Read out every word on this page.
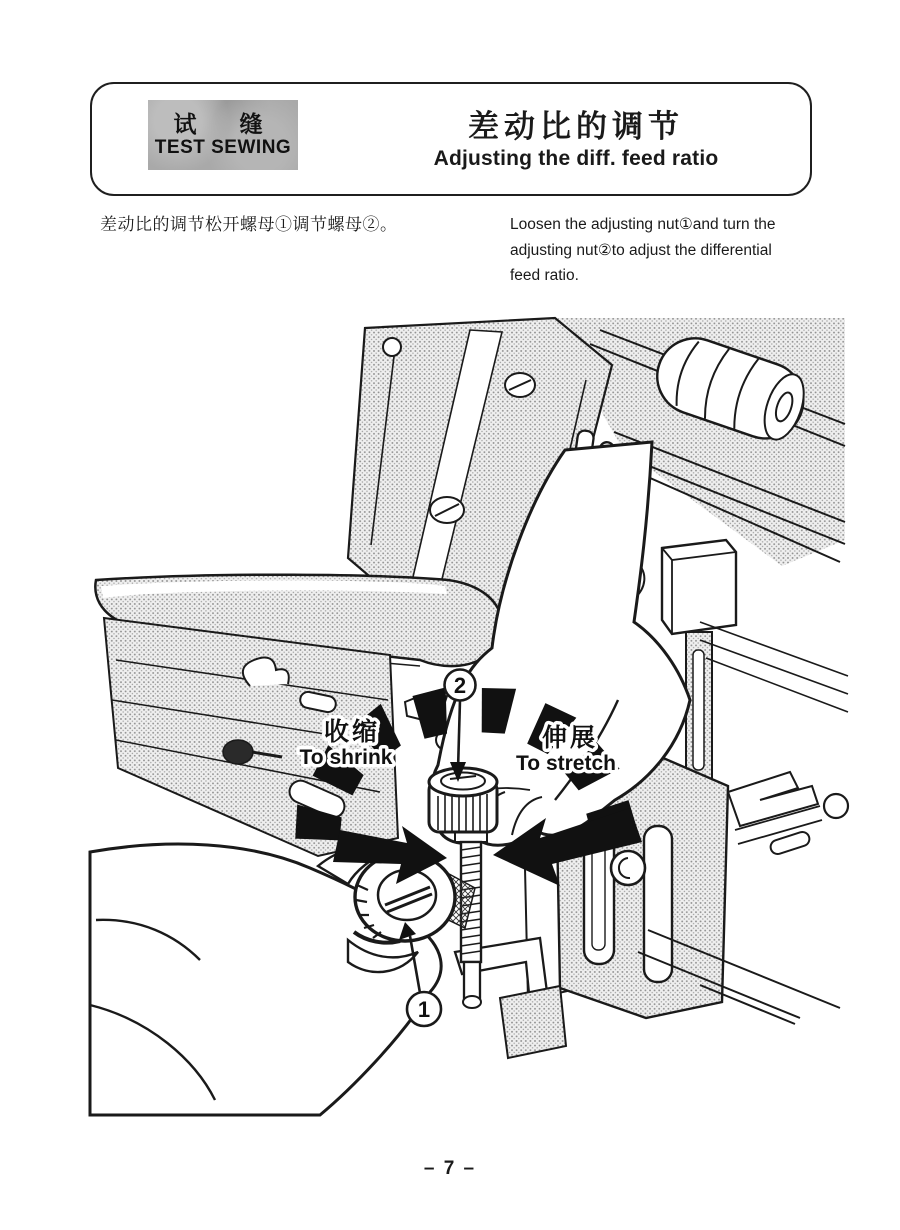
试　缝
TEST SEWING
差动比的调节
Adjusting the diff. feed ratio
差动比的调节松开螺母①调节螺母②。	Loosen the adjusting nut①and turn the
adjusting nut②to adjust the differential
feed ratio.
2
1
收缩
To shrink
伸展
To stretch
– 7 –
